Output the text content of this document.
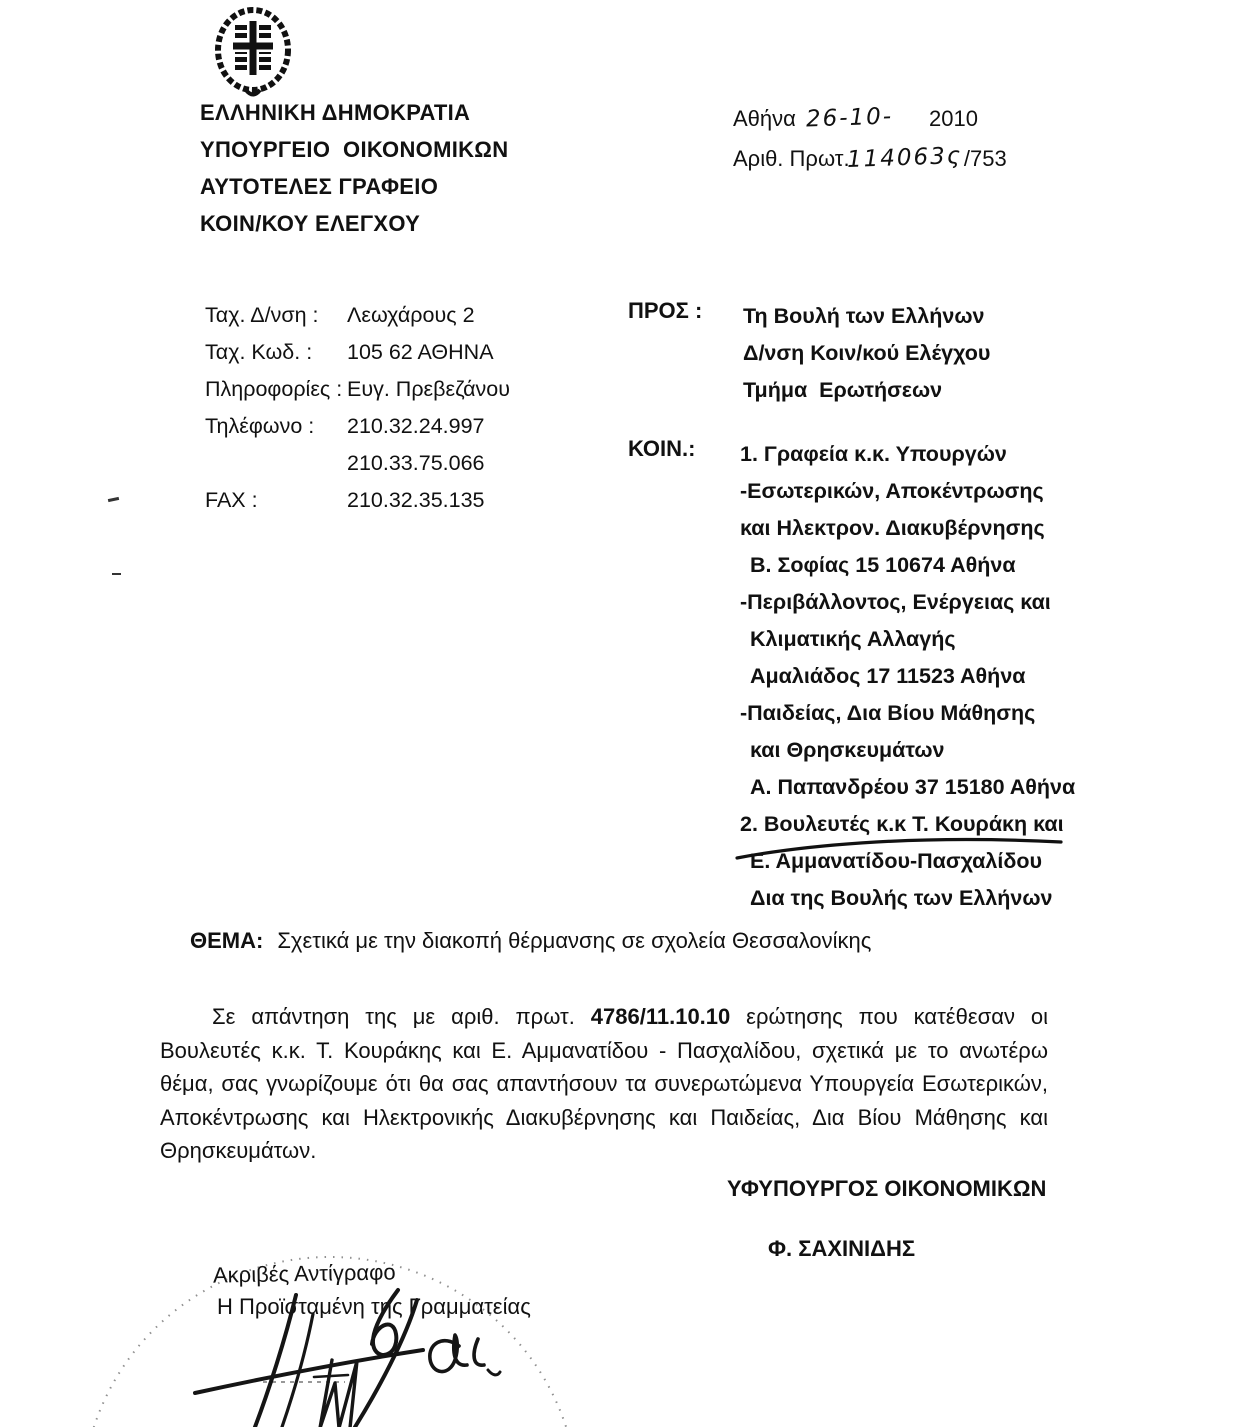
ΕΛΛΗΝΙΚΗ ΔΗΜΟΚΡΑΤΙΑ
ΥΠΟΥΡΓΕΙΟ  ΟΙΚΟΝΟΜΙΚΩΝ
ΑΥΤΟΤΕΛΕΣ ΓΡΑΦΕΙΟ
ΚΟΙΝ/ΚΟΥ ΕΛΕΓΧΟΥ
Αθήνα 26-10- 2010
Αριθ. Πρωτ.114063ς/753
Ταχ. Δ/νση :	Λεωχάρους 2
Ταχ. Κωδ. :	105 62 ΑΘΗΝΑ
Πληροφορίες : Ευγ. Πρεβεζάνου
Τηλέφωνο :	210.32.24.997
210.33.75.066
FAX :	210.32.35.135
ΠΡΟΣ : Τη Βουλή των Ελλήνων
Δ/νση Κοιν/κού Ελέγχου
Τμήμα  Ερωτήσεων
ΚΟΙΝ.: 1. Γραφεία κ.κ. Υπουργών
-Εσωτερικών, Αποκέντρωσης
και Ηλεκτρον. Διακυβέρνησης
Β. Σοφίας 15 10674 Αθήνα
-Περιβάλλοντος, Ενέργειας και
Κλιματικής Αλλαγής
Αμαλιάδος 17 11523 Αθήνα
-Παιδείας, Δια Βίου Μάθησης
και Θρησκευμάτων
Α. Παπανδρέου 37 15180 Αθήνα
2. Βουλευτές κ.κ Τ. Κουράκη και
Ε. Αμμανατίδου-Πασχαλίδου
Δια της Βουλής των Ελλήνων
ΘΕΜΑ: Σχετικά με την διακοπή θέρμανσης σε σχολεία Θεσσαλονίκης
Σε απάντηση της με αριθ. πρωτ. 4786/11.10.10 ερώτησης που κατέθεσαν οι Βουλευτές κ.κ. Τ. Κουράκης και Ε. Αμμανατίδου - Πασχαλίδου, σχετικά με το ανωτέρω θέμα, σας γνωρίζουμε ότι θα σας απαντήσουν τα συνερωτώμενα Υπουργεία Εσωτερικών, Αποκέντρωσης και Ηλεκτρονικής Διακυβέρνησης και Παιδείας, Δια Βίου Μάθησης και Θρησκευμάτων.
ΥΦΥΠΟΥΡΓΟΣ ΟΙΚΟΝΟΜΙΚΩΝ
Φ. ΣΑΧΙΝΙΔΗΣ
Ακριβές Αντίγραφο
Η Προϊσταμένη της Γραμματείας
